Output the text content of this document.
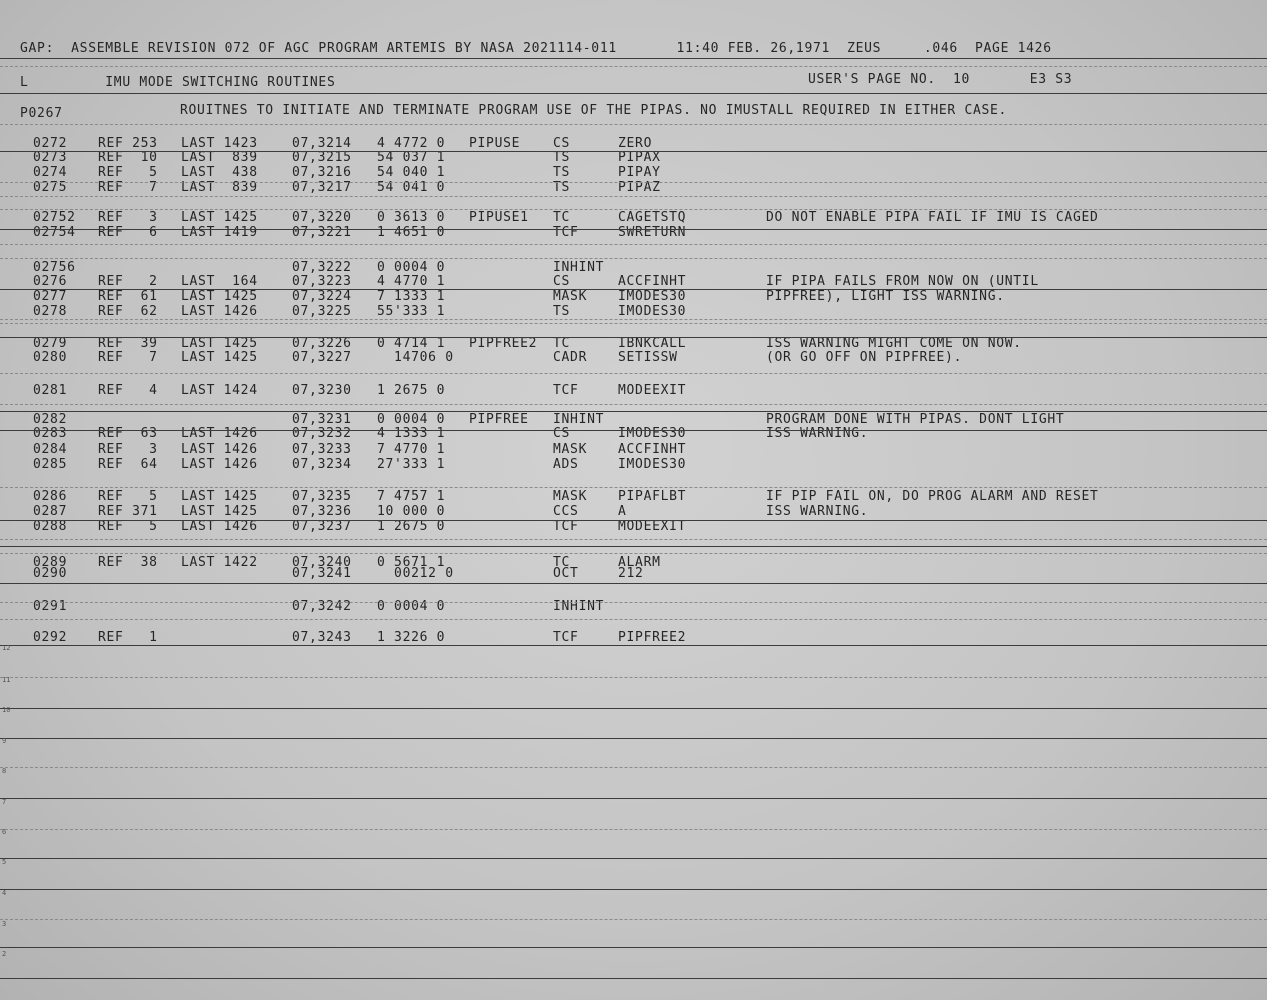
GAP:  ASSEMBLE REVISION 072 OF AGC PROGRAM ARTEMIS BY NASA 2021114-011       11:40 FEB. 26,1971  ZEUS     .046  PAGE 1426
L         IMU MODE SWITCHING ROUTINES	USER'S PAGE NO.  10       E3 S3
P0267	ROUITNES TO INITIATE AND TERMINATE PROGRAM USE OF THE PIPAS. NO IMUSTALL REQUIRED IN EITHER CASE.
0272 REF 253 LAST 1423	07,3214 4 4772 0 PIPUSE	CS	ZERO
0273 REF  10 LAST  839	07,3215 54 037 1	TS	PIPAX
0274 REF   5 LAST  438	07,3216 54 040 1	TS	PIPAY
0275 REF   7 LAST  839	07,3217 54 041 0	TS	PIPAZ
02752 REF   3 LAST 1425	07,3220 0 3613 0 PIPUSE1 TC	CAGETSTQ	DO NOT ENABLE PIPA FAIL IF IMU IS CAGED
02754 REF   6 LAST 1419	07,3221 1 4651 0	TCF	SWRETURN
02756	07,3222 0 0004 0	INHINT
0276 REF   2 LAST  164	07,3223 4 4770 1	CS	ACCFINHT	IF PIPA FAILS FROM NOW ON (UNTIL
0277 REF  61 LAST 1425	07,3224 7 1333 1	MASK IMODES30	PIPFREE), LIGHT ISS WARNING.
0278 REF  62 LAST 1426	07,3225 55'333 1	TS	IMODES30
0279 REF  39 LAST 1425	07,3226 0 4714 1 PIPFREE2 TC	IBNKCALL	ISS WARNING MIGHT COME ON NOW.
0280 REF   7 LAST 1425	07,3227 14706 0	CADR SETISSW	(OR GO OFF ON PIPFREE).
0281 REF   4 LAST 1424	07,3230 1 2675 0	TCF	MODEEXIT
0282	07,3231 0 0004 0 PIPFREE INHINT	PROGRAM DONE WITH PIPAS. DONT LIGHT
0283 REF  63 LAST 1426	07,3232 4 1333 1	CS	IMODES30	ISS WARNING.
0284 REF   3 LAST 1426	07,3233 7 4770 1	MASK ACCFINHT
0285 REF  64 LAST 1426	07,3234 27'333 1	ADS	IMODES30
0286 REF   5 LAST 1425	07,3235 7 4757 1	MASK PIPAFLBT	IF PIP FAIL ON, DO PROG ALARM AND RESET
0287 REF 371 LAST 1425	07,3236 10 000 0	CCS	A	ISS WARNING.
0288 REF   5 LAST 1426	07,3237 1 2675 0	TCF	MODEEXIT
0289 REF  38 LAST 1422	07,3240 0 5671 1	TC	ALARM
0290	07,3241 00212 0	OCT	212
0291	07,3242 0 0004 0	INHINT
0292 REF   1	07,3243 1 3226 0	TCF	PIPFREE2
12
11
10
9
8
7
6
5
4
3
2
